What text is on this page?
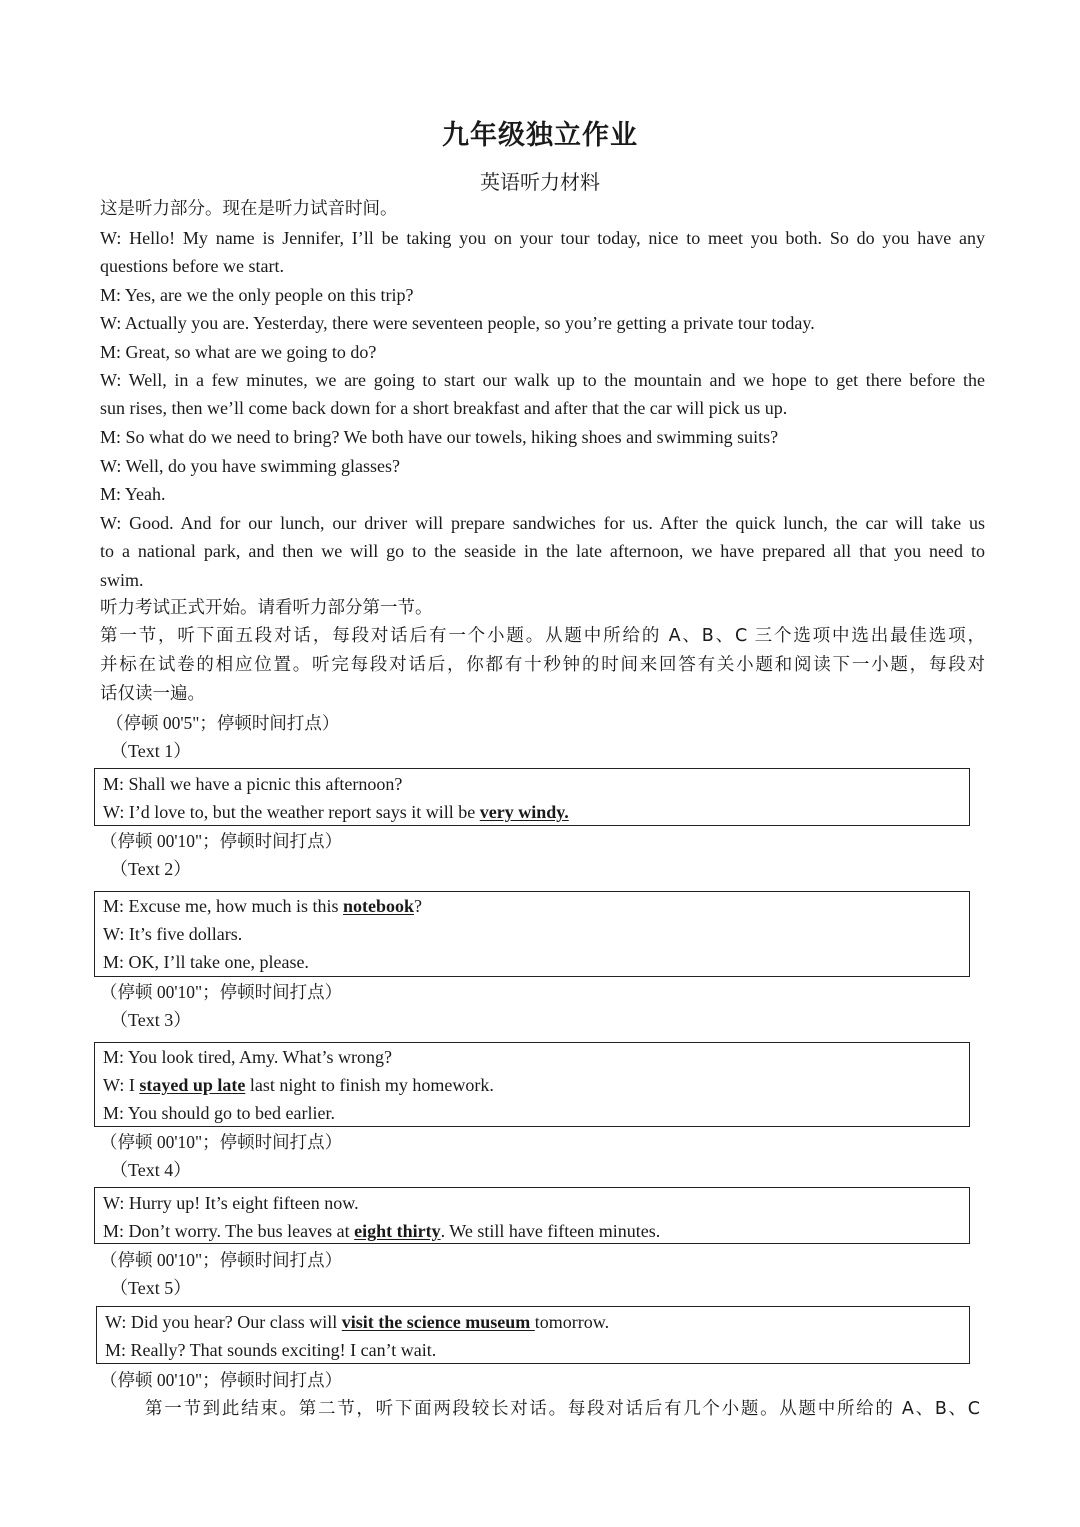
九年级独立作业
英语听力材料
这是听力部分。现在是听力试音时间。
W: Hello! My name is Jennifer, I’ll be taking you on your tour today, nice to meet you both. So do you have any
questions before we start.
M: Yes, are we the only people on this trip?
W: Actually you are. Yesterday, there were seventeen people, so you’re getting a private tour today.
M: Great, so what are we going to do?
W: Well, in a few minutes, we are going to start our walk up to the mountain and we hope to get there before the
sun rises, then we’ll come back down for a short breakfast and after that the car will pick us up.
M: So what do we need to bring? We both have our towels, hiking shoes and swimming suits?
W: Well, do you have swimming glasses?
M: Yeah.
W: Good. And for our lunch, our driver will prepare sandwiches for us. After the quick lunch, the car will take us
to a national park, and then we will go to the seaside in the late afternoon, we have prepared all that you need to
swim.
听力考试正式开始。请看听力部分第一节。
第一节，听下面五段对话，每段对话后有一个小题。从题中所给的 A、B、C 三个选项中选出最佳选项，
并标在试卷的相应位置。听完每段对话后，你都有十秒钟的时间来回答有关小题和阅读下一小题，每段对
话仅读一遍。
（停顿 00'5"；停顿时间打点）
（Text 1）
M: Shall we have a picnic this afternoon?
W: I’d love to, but the weather report says it will be very windy.
（停顿 00'10"；停顿时间打点）
（Text 2）
M: Excuse me, how much is this notebook?
W: It’s five dollars.
M: OK, I’ll take one, please.
（停顿 00'10"；停顿时间打点）
（Text 3）
M: You look tired, Amy. What’s wrong?
W: I stayed up late last night to finish my homework.
M: You should go to bed earlier.
（停顿 00'10"；停顿时间打点）
（Text 4）
W: Hurry up! It’s eight fifteen now.
M: Don’t worry. The bus leaves at eight thirty. We still have fifteen minutes.
（停顿 00'10"；停顿时间打点）
（Text 5）
W: Did you hear? Our class will visit the science museum tomorrow.
M: Really? That sounds exciting! I can’t wait.
（停顿 00'10"；停顿时间打点）
第一节到此结束。第二节，听下面两段较长对话。每段对话后有几个小题。从题中所给的 A、B、C
